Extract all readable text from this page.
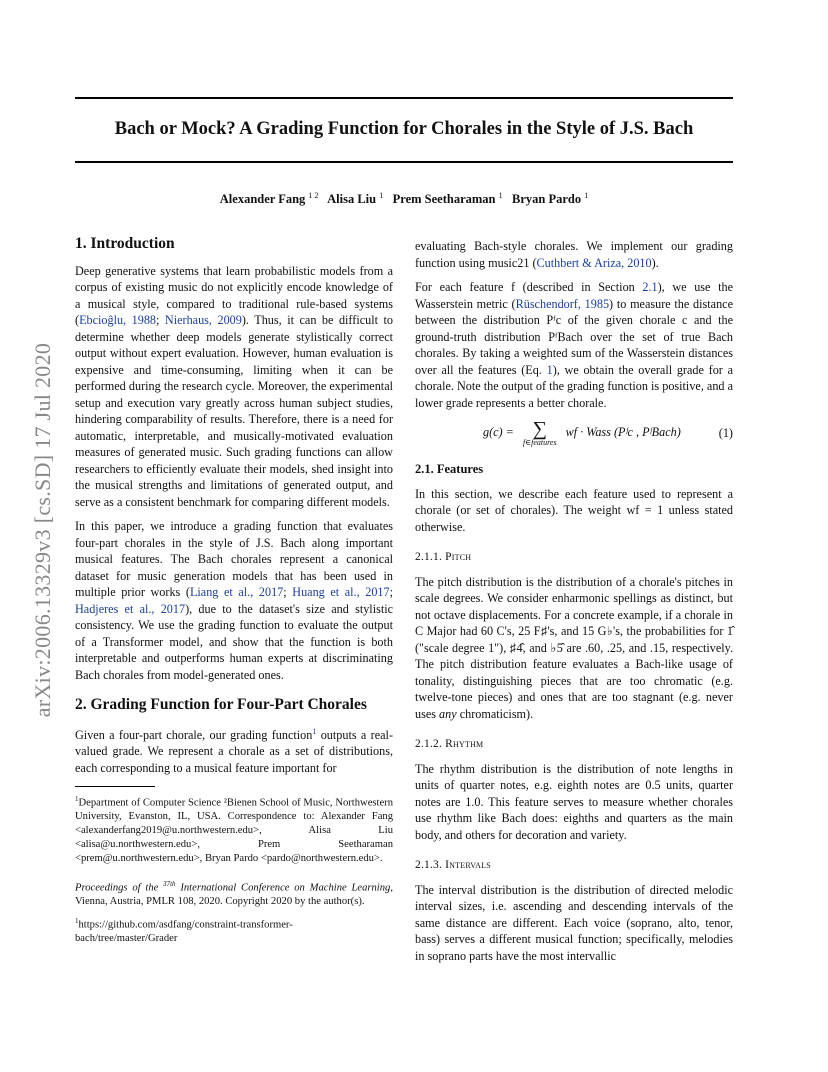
Bach or Mock? A Grading Function for Chorales in the Style of J.S. Bach
Alexander Fang $^{1 2}$ Alisa Liu $^1$ Prem Seetharaman $^1$ Bryan Pardo $^1$
arXiv:2006.13329v3 [cs.SD] 17 Jul 2020
1. Introduction

Deep generative systems that learn probabilistic models from a corpus of existing music do not explicitly encode knowledge of a musical style, compared to traditional rule-based systems (Ebcioĝlu, 1988; Nierhaus, 2009). Thus, it can be difficult to determine whether deep models generate stylistically correct output without expert evaluation. However, human evaluation is expensive and time-consuming, limiting when it can be performed during the research cycle. Moreover, the experimental setup and execution vary greatly across human subject studies, hindering comparability of results. Therefore, there is a need for automatic, interpretable, and musically-motivated evaluation measures of generated music. Such grading functions can allow researchers to efficiently evaluate their models, shed insight into the musical strengths and limitations of generated output, and serve as a consistent benchmark for comparing different models.

In this paper, we introduce a grading function that evaluates four-part chorales in the style of J.S. Bach along important musical features. The Bach chorales represent a canonical dataset for music generation models that has been used in multiple prior works (Liang et al., 2017; Huang et al., 2017; Hadjeres et al., 2017), due to the dataset's size and stylistic consistency. We use the grading function to evaluate the output of a Transformer model, and show that the function is both interpretable and outperforms human experts at discriminating Bach chorales from model-generated ones.

2. Grading Function for Four-Part Chorales

Given a four-part chorale, our grading function$^1$ outputs a real-valued grade. We represent a chorale as a set of distributions, each corresponding to a musical feature important for

$^1$Department of Computer Science ²Bienen School of Music, Northwestern University, Evanston, IL, USA. Correspondence to: Alexander Fang <alexanderfang2019@u.northwestern.edu>, Alisa Liu <alisa@u.northwestern.edu>, Prem Seetharaman <prem@u.northwestern.edu>, Bryan Pardo <pardo@northwestern.edu>.

Proceedings of the $^{37th}$ International Conference on Machine Learning, Vienna, Austria, PMLR 108, 2020. Copyright 2020 by the author(s).

$^1$https://github.com/asdfang/constraint-transformer-bach/tree/master/Grader

evaluating Bach-style chorales. We implement our grading function using music21 (Cuthbert & Ariza, 2010).

For each feature f (described in Section 2.1), we use the Wasserstein metric (Rüschendorf, 1985) to measure the distance between the distribution Pᶠc of the given chorale c and the ground-truth distribution PᶠBach over the set of true Bach chorales. By taking a weighted sum of the Wasserstein distances over all the features (Eq. 1), we obtain the overall grade for a chorale. Note the output of the grading function is positive, and a lower grade represents a better chorale.

g(c) = ∑
f∈features
wf · Wass (Pᶠc , PᶠBach)	(1)
2.1. Features

In this section, we describe each feature used to represent a chorale (or set of chorales). The weight wf = 1 unless stated otherwise.

2.1.1. Pitch

The pitch distribution is the distribution of a chorale's pitches in scale degrees. We consider enharmonic spellings as distinct, but not octave displacements. For a concrete example, if a chorale in C Major had 60 C's, 25 F♯'s, and 15 G♭'s, the probabilities for 1̂ ("scale degree 1"), ♯4̂, and ♭5̂ are .60, .25, and .15, respectively. The pitch distribution feature evaluates a Bach-like usage of tonality, distinguishing pieces that are too chromatic (e.g. twelve-tone pieces) and ones that are too stagnant (e.g. never uses any chromaticism).

2.1.2. Rhythm

The rhythm distribution is the distribution of note lengths in units of quarter notes, e.g. eighth notes are 0.5 units, quarter notes are 1.0. This feature serves to measure whether chorales use rhythm like Bach does: eighths and quarters as the main body, and others for decoration and variety.

2.1.3. Intervals

The interval distribution is the distribution of directed melodic interval sizes, i.e. ascending and descending intervals of the same distance are different. Each voice (soprano, alto, tenor, bass) serves a different musical function; specifically, melodies in soprano parts have the most intervallic
